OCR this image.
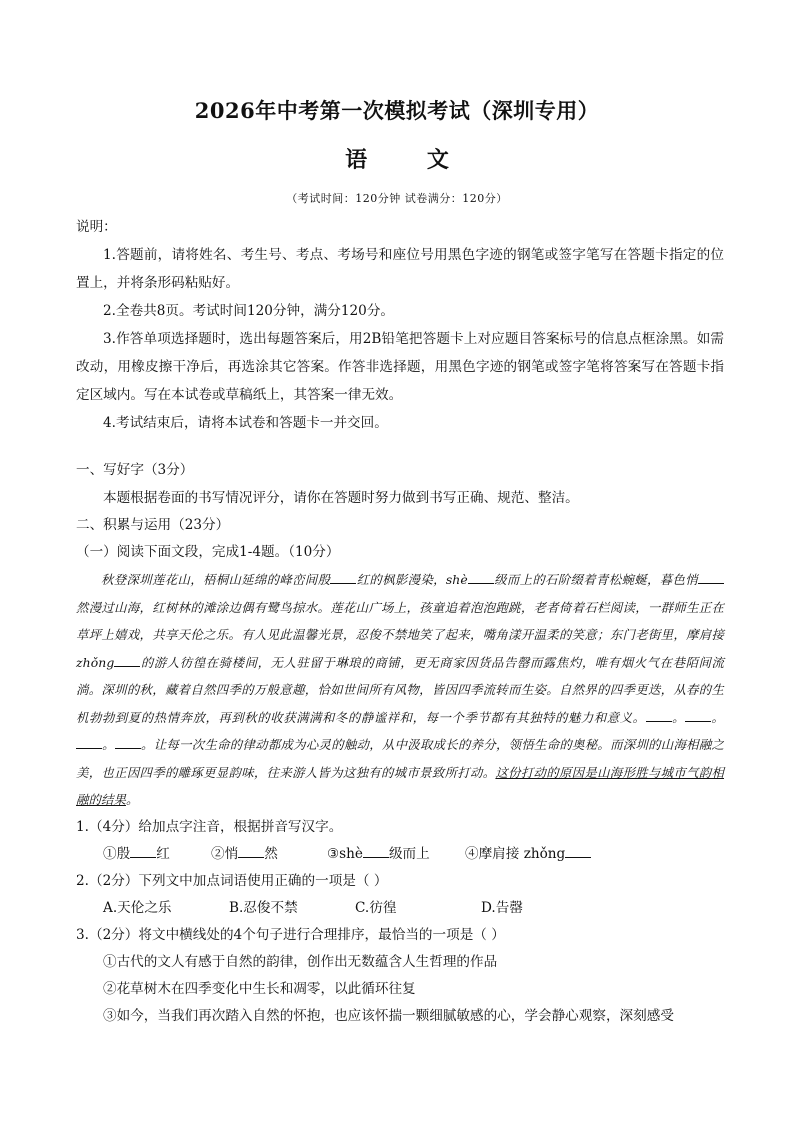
2026年中考第一次模拟考试（深圳专用）
语 文
（考试时间：120分钟 试卷满分：120分）
说明：
1.答题前，请将姓名、考生号、考点、考场号和座位号用黑色字迹的钢笔或签字笔写在答题卡指定的位置上，并将条形码粘贴好。
2.全卷共8页。考试时间120分钟，满分120分。
3.作答单项选择题时，选出每题答案后，用2B铅笔把答题卡上对应题目答案标号的信息点框涂黑。如需改动，用橡皮擦干净后，再选涂其它答案。作答非选择题，用黑色字迹的钢笔或签字笔将答案写在答题卡指定区域内。写在本试卷或草稿纸上，其答案一律无效。
4.考试结束后，请将本试卷和答题卡一并交回。
一、写好字（3分）
本题根据卷面的书写情况评分，请你在答题时努力做到书写正确、规范、整洁。
二、积累与运用（23分）
（一）阅读下面文段，完成1-4题。（10分）
秋登深圳莲花山，梧桐山延绵的峰峦间殷 红的枫影漫染，shè 级而上的石阶缀着青松蜿蜒，暮色悄然漫过山海，红树林的滩涂边偶有鹭鸟掠水。莲花山广场上，孩童追着泡泡跑跳，老者倚着石栏阅读，一群师生正在草坪上嬉戏，共享天伦之乐。有人见此温馨光景，忍俊不禁地笑了起来，嘴角漾开温柔的笑意；东门老街里，摩肩接 zhǒng 的游人彷徨在骑楼间，无人驻留于琳琅的商铺，更无商家因货品告罄而露焦灼，唯有烟火气在巷陌间流淌。深圳的秋，藏着自然四季的万般意趣，恰如世间所有风物，皆因四季流转而生姿。自然界的四季更迭，从春的生机勃勃到夏的热情奔放，再到秋的收获满满和冬的静谧祥和，每一个季节都有其独特的魅力和意义。 。 。。 。让每一次生命的律动都成为心灵的触动，从中汲取成长的养分，领悟生命的奥秘。而深圳的山海相融之美，也正因四季的雕琢更显韵味，往来游人皆为这独有的城市景致所打动。这份打动的原因是山海形胜与城市气韵相融的结果。
1.（4分）给加点字注音，根据拼音写汉字。
①殷 红	②悄 然	③shè 级而上	④摩肩接 zhǒng
2.（2分）下列文中加点词语使用正确的一项是（ ）
A.天伦之乐	B.忍俊不禁	C.彷徨	D.告罄
3.（2分）将文中横线处的4个句子进行合理排序，最恰当的一项是（ ）
①古代的文人有感于自然的韵律，创作出无数蕴含人生哲理的作品
②花草树木在四季变化中生长和凋零，以此循环往复
③如今，当我们再次踏入自然的怀抱，也应该怀揣一颗细腻敏感的心，学会静心观察，深刻感受
